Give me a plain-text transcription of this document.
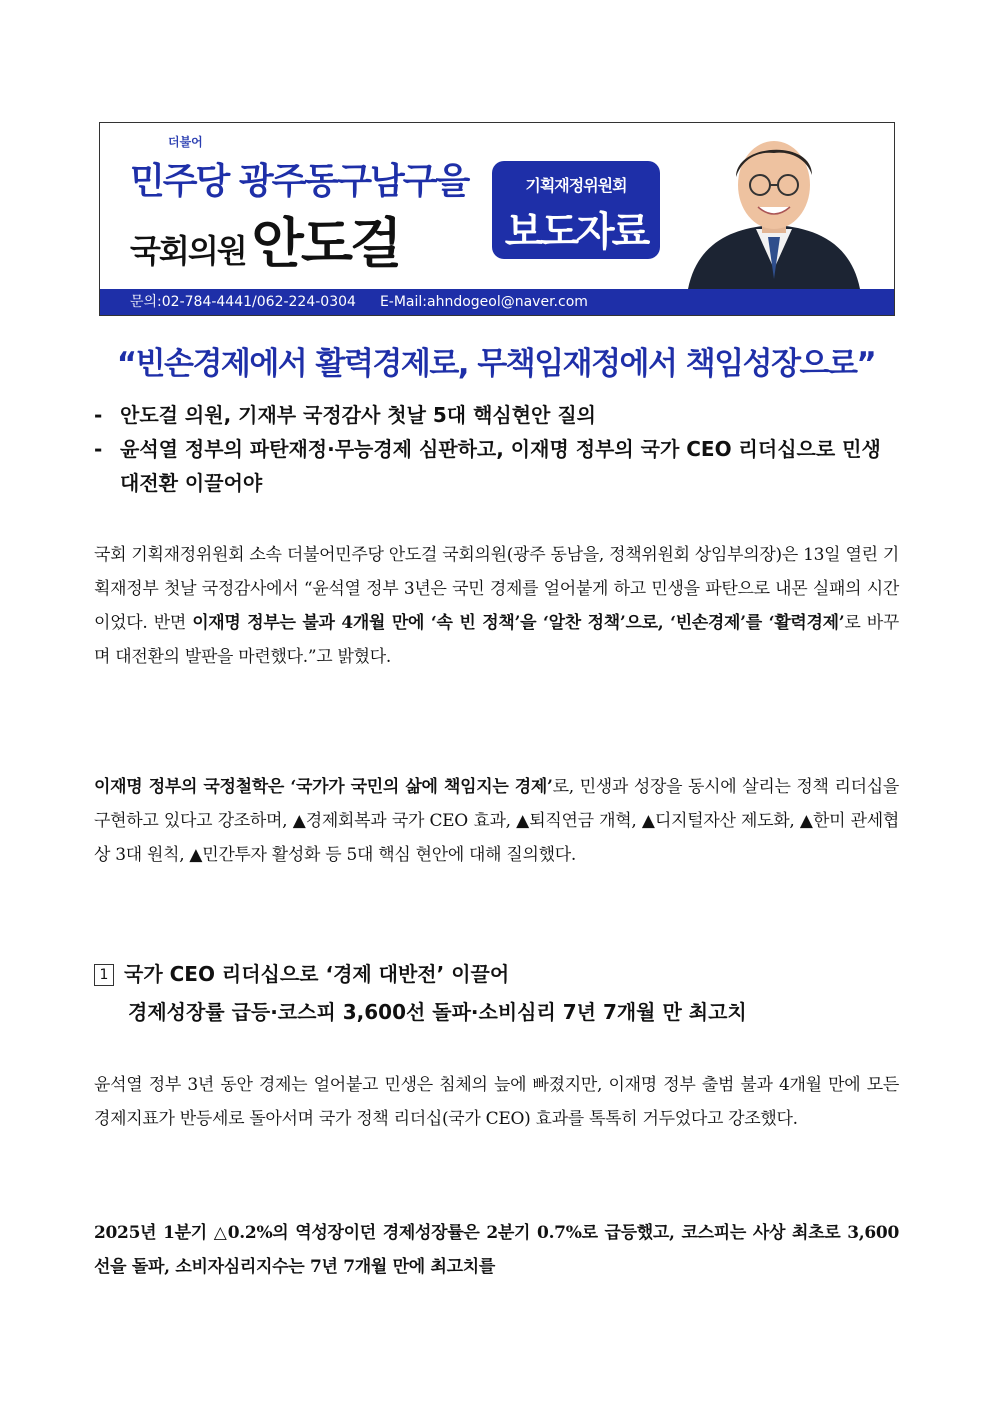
더불어
민주당 광주동구남구을
국회의원 안도걸
기획재정위원회
보도자료
문의:02-784-4441/062-224-0304 E-Mail:ahndogeol@naver.com
“빈손경제에서 활력경제로, 무책임재정에서 책임성장으로”
- 안도걸 의원, 기재부 국정감사 첫날 5대 핵심현안 질의
- 윤석열 정부의 파탄재정·무능경제 심판하고, 이재명 정부의 국가 CEO 리더십으로 민생 대전환 이끌어야
국회 기획재정위원회 소속 더불어민주당 안도걸 국회의원(광주 동남을, 정책위원회 상임부의장)은 13일 열린 기획재정부 첫날 국정감사에서 “윤석열 정부 3년은 국민 경제를 얼어붙게 하고 민생을 파탄으로 내몬 실패의 시간이었다. 반면 이재명 정부는 불과 4개월 만에 ‘속 빈 정책’을 ‘알찬 정책’으로, ‘빈손경제’를 ‘활력경제’로 바꾸며 대전환의 발판을 마련했다.”고 밝혔다.
이재명 정부의 국정철학은 ‘국가가 국민의 삶에 책임지는 경제’로, 민생과 성장을 동시에 살리는 정책 리더십을 구현하고 있다고 강조하며, ▲경제회복과 국가 CEO 효과, ▲퇴직연금 개혁, ▲디지털자산 제도화, ▲한미 관세협상 3대 원칙, ▲민간투자 활성화 등 5대 핵심 현안에 대해 질의했다.
1 국가 CEO 리더십으로 ‘경제 대반전’ 이끌어
경제성장률 급등·코스피 3,600선 돌파·소비심리 7년 7개월 만 최고치
윤석열 정부 3년 동안 경제는 얼어붙고 민생은 침체의 늪에 빠졌지만, 이재명 정부 출범 불과 4개월 만에 모든 경제지표가 반등세로 돌아서며 국가 정책 리더십(국가 CEO) 효과를 톡톡히 거두었다고 강조했다.
2025년 1분기 △0.2%의 역성장이던 경제성장률은 2분기 0.7%로 급등했고, 코스피는 사상 최초로 3,600선을 돌파, 소비자심리지수는 7년 7개월 만에 최고치를
